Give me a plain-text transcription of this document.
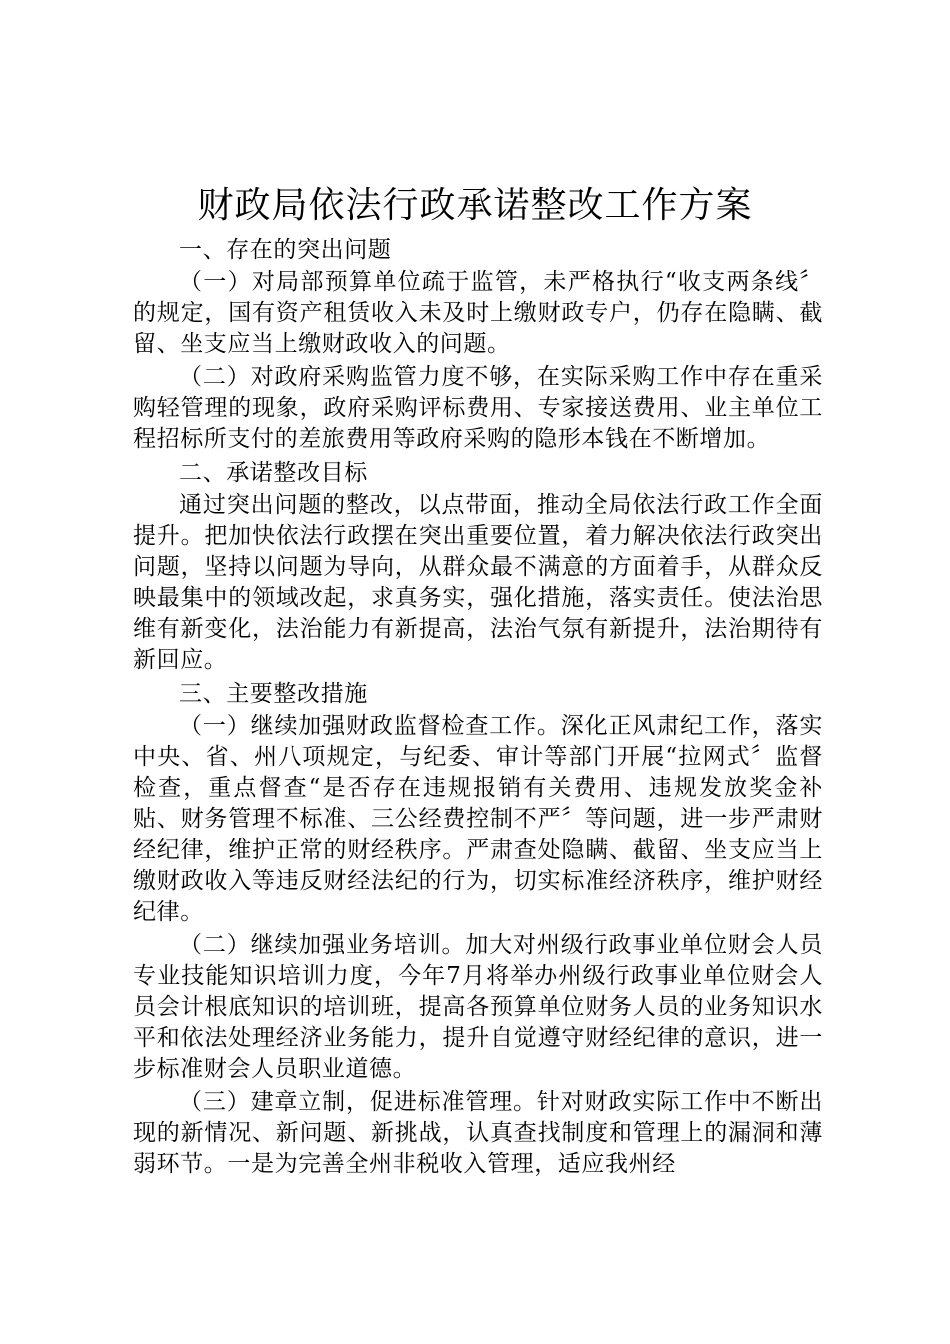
财政局依法行政承诺整改工作方案

一、存在的突出问题

（一）对局部预算单位疏于监管，未严格执行“收支两条线〞的规定，国有资产租赁收入未及时上缴财政专户，仍存在隐瞒、截留、坐支应当上缴财政收入的问题。

（二）对政府采购监管力度不够，在实际采购工作中存在重采购轻管理的现象，政府采购评标费用、专家接送费用、业主单位工程招标所支付的差旅费用等政府采购的隐形本钱在不断增加。

二、承诺整改目标

通过突出问题的整改，以点带面，推动全局依法行政工作全面提升。把加快依法行政摆在突出重要位置，着力解决依法行政突出问题，坚持以问题为导向，从群众最不满意的方面着手，从群众反映最集中的领域改起，求真务实，强化措施，落实责任。使法治思维有新变化，法治能力有新提高，法治气氛有新提升，法治期待有新回应。

三、主要整改措施

（一）继续加强财政监督检查工作。深化正风肃纪工作，落实中央、省、州八项规定，与纪委、审计等部门开展“拉网式〞监督检查，重点督查“是否存在违规报销有关费用、违规发放奖金补贴、财务管理不标准、三公经费控制不严〞等问题，进一步严肃财经纪律，维护正常的财经秩序。严肃查处隐瞒、截留、坐支应当上缴财政收入等违反财经法纪的行为，切实标准经济秩序，维护财经纪律。

（二）继续加强业务培训。加大对州级行政事业单位财会人员专业技能知识培训力度，今年7月将举办州级行政事业单位财会人员会计根底知识的培训班，提高各预算单位财务人员的业务知识水平和依法处理经济业务能力，提升自觉遵守财经纪律的意识，进一步标准财会人员职业道德。

（三）建章立制，促进标准管理。针对财政实际工作中不断出现的新情况、新问题、新挑战，认真查找制度和管理上的漏洞和薄弱环节。一是为完善全州非税收入管理，适应我州经
